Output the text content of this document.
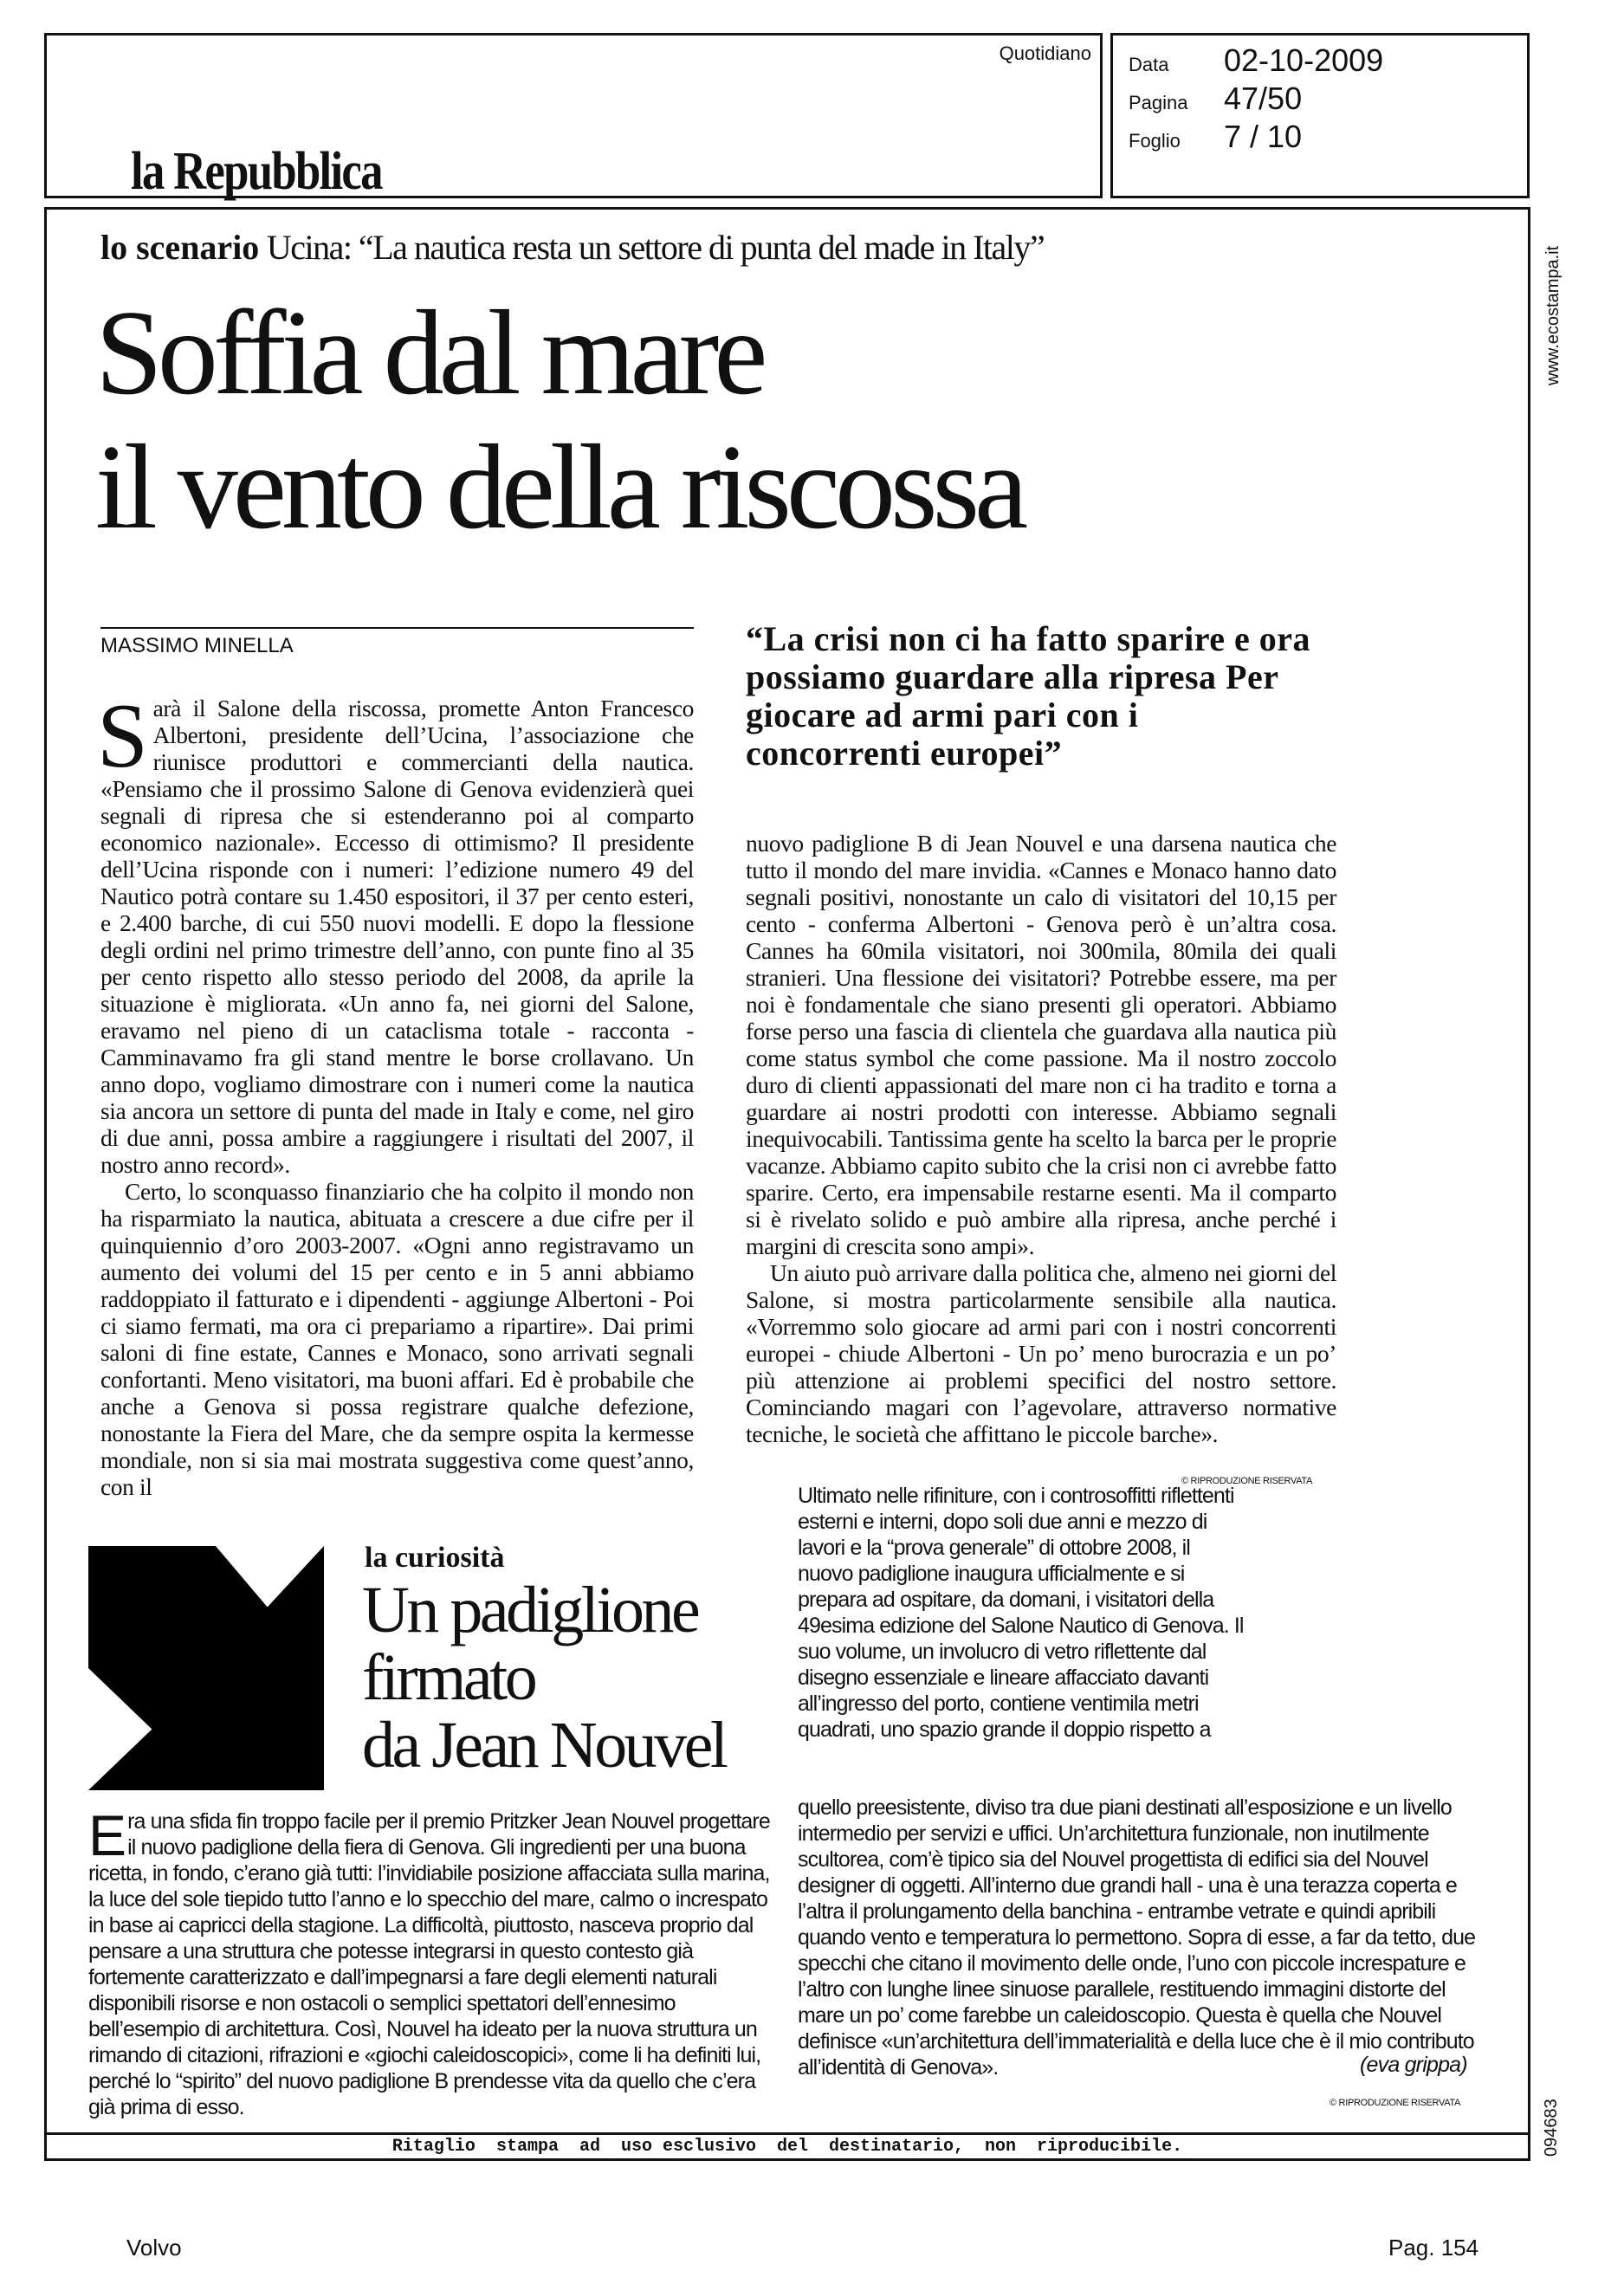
la Repubblica
Quotidiano
Data	02-10-2009
Pagina	47/50
Foglio	7 / 10
www.ecostampa.it
094683
lo scenario Ucina: “La nautica resta un settore di punta del made in Italy”
Soffia dal mare
il vento della riscossa
MASSIMO MINELLA

Sarà il Salone della riscossa, promette Anton Francesco Albertoni, presidente dell’Ucina, l’associazione che riunisce produttori e commercianti della nautica. «Pensiamo che il prossimo Salone di Genova evidenzierà quei segnali di ripresa che si estenderanno poi al comparto economico nazionale». Eccesso di ottimismo? Il presidente dell’Ucina risponde con i numeri: l’edizione numero 49 del Nautico potrà contare su 1.450 espositori, il 37 per cento esteri, e 2.400 barche, di cui 550 nuovi modelli. E dopo la flessione degli ordini nel primo trimestre dell’anno, con punte fino al 35 per cento rispetto allo stesso periodo del 2008, da aprile la situazione è migliorata. «Un anno fa, nei giorni del Salone, eravamo nel pieno di un cataclisma totale - racconta - Camminavamo fra gli stand mentre le borse crollavano. Un anno dopo, vogliamo dimostrare con i numeri come la nautica sia ancora un settore di punta del made in Italy e come, nel giro di due anni, possa ambire a raggiungere i risultati del 2007, il nostro anno record».

Certo, lo sconquasso finanziario che ha colpito il mondo non ha risparmiato la nautica, abituata a crescere a due cifre per il quinquiennio d’oro 2003-2007. «Ogni anno registravamo un aumento dei volumi del 15 per cento e in 5 anni abbiamo raddoppiato il fatturato e i dipendenti - aggiunge Albertoni - Poi ci siamo fermati, ma ora ci prepariamo a ripartire». Dai primi saloni di fine estate, Cannes e Monaco, sono arrivati segnali confortanti. Meno visitatori, ma buoni affari. Ed è probabile che anche a Genova si possa registrare qualche defezione, nonostante la Fiera del Mare, che da sempre ospita la kermesse mondiale, non si sia mai mostrata suggestiva come quest’anno, con il

“La crisi non ci ha fatto sparire e ora possiamo guardare alla ripresa Per giocare ad armi pari con i concorrenti europei”

nuovo padiglione B di Jean Nouvel e una darsena nautica che tutto il mondo del mare invidia. «Cannes e Monaco hanno dato segnali positivi, nonostante un calo di visitatori del 10,15 per cento - conferma Albertoni - Genova però è un’altra cosa. Cannes ha 60mila visitatori, noi 300mila, 80mila dei quali stranieri. Una flessione dei visitatori? Potrebbe essere, ma per noi è fondamentale che siano presenti gli operatori. Abbiamo forse perso una fascia di clientela che guardava alla nautica più come status symbol che come passione. Ma il nostro zoccolo duro di clienti appassionati del mare non ci ha tradito e torna a guardare ai nostri prodotti con interesse. Abbiamo segnali inequivocabili. Tantissima gente ha scelto la barca per le proprie vacanze. Abbiamo capito subito che la crisi non ci avrebbe fatto sparire. Certo, era impensabile restarne esenti. Ma il comparto si è rivelato solido e può ambire alla ripresa, anche perché i margini di crescita sono ampi».

Un aiuto può arrivare dalla politica che, almeno nei giorni del Salone, si mostra particolarmente sensibile alla nautica. «Vorremmo solo giocare ad armi pari con i nostri concorrenti europei - chiude Albertoni - Un po’ meno burocrazia e un po’ più attenzione ai problemi specifici del nostro settore. Cominciando magari con l’agevolare, attraverso normative tecniche, le società che affittano le piccole barche».

© RIPRODUZIONE RISERVATA
la curiosità
Un padiglione
firmato
da Jean Nouvel

Ultimato nelle rifiniture, con i controsoffitti riflettenti esterni e interni, dopo soli due anni e mezzo di lavori e la “prova generale” di ottobre 2008, il nuovo padiglione inaugura ufficialmente e si prepara ad ospitare, da domani, i visitatori della 49esima edizione del Salone Nautico di Genova. Il suo volume, un involucro di vetro riflettente dal disegno essenziale e lineare affacciato davanti all’ingresso del porto, contiene ventimila metri quadrati, uno spazio grande il doppio rispetto a

Era una sfida fin troppo facile per il premio Pritzker Jean Nouvel progettare il nuovo padiglione della fiera di Genova. Gli ingredienti per una buona ricetta, in fondo, c’erano già tutti: l’invidiabile posizione affacciata sulla marina, la luce del sole tiepido tutto l’anno e lo specchio del mare, calmo o increspato in base ai capricci della stagione. La difficoltà, piuttosto, nasceva proprio dal pensare a una struttura che potesse integrarsi in questo contesto già fortemente caratterizzato e dall’impegnarsi a fare degli elementi naturali disponibili risorse e non ostacoli o semplici spettatori dell’ennesimo bell’esempio di architettura. Così, Nouvel ha ideato per la nuova struttura un rimando di citazioni, rifrazioni e «giochi caleidoscopici», come li ha definiti lui, perché lo “spirito” del nuovo padiglione B prendesse vita da quello che c’era già prima di esso.

quello preesistente, diviso tra due piani destinati all’esposizione e un livello intermedio per servizi e uffici. Un’architettura funzionale, non inutilmente scultorea, com’è tipico sia del Nouvel progettista di edifici sia del Nouvel designer di oggetti. All’interno due grandi hall - una è una terazza coperta e l’altra il prolungamento della banchina - entrambe vetrate e quindi apribili quando vento e temperatura lo permettono. Sopra di esse, a far da tetto, due specchi che citano il movimento delle onde, l’uno con piccole increspature e l’altro con lunghe linee sinuose parallele, restituendo immagini distorte del mare un po’ come farebbe un caleidoscopio. Questa è quella che Nouvel definisce «un’architettura dell’immaterialità e della luce che è il mio contributo all’identità di Genova».	(eva grippa)
© RIPRODUZIONE RISERVATA
Ritaglio  stampa  ad  uso esclusivo  del  destinatario,  non  riproducibile.
Volvo	Pag. 154
